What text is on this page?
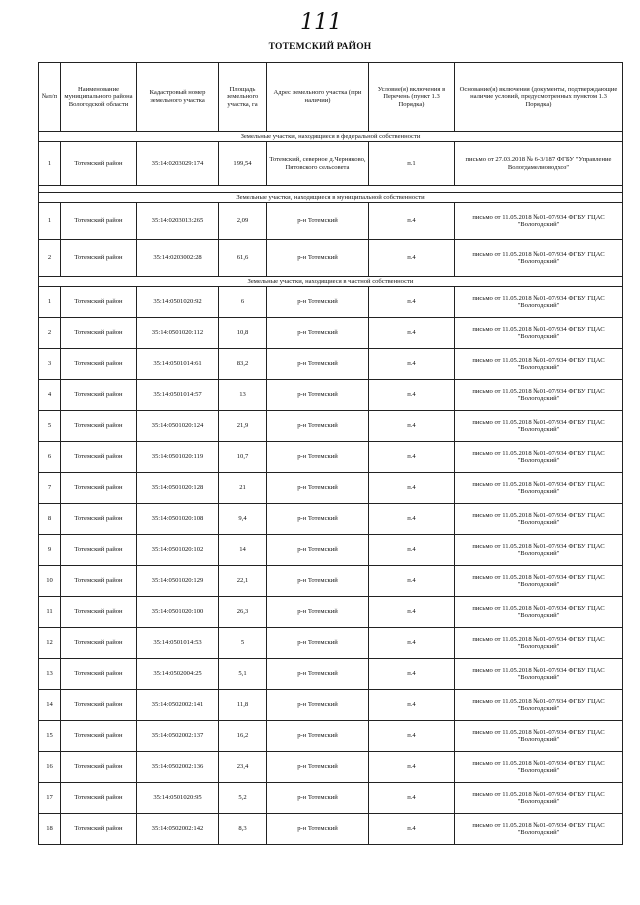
111
ТОТЕМСКИЙ РАЙОН
№п/п	Наименование муниципального района Вологодской области	Кадастровый номер земельного участка	Площадь земельного участка, га	Адрес земельного участка (при наличии)	Условие(я) включения в Перечень (пункт 1.3 Порядка)	Основание(я) включения (документы, подтверждающие наличие условий, предусмотренных пунктом 1.3 Порядка)
Земельные участки, находящиеся в федеральной собственности						
1	Тотемский район	35:14:0203029:174	199,54	Тотемский, северное д.Черняково, Пятовского сельсовета	п.1	письмо от 27.03.2018 № 6-3/187 ФГБУ "Управление Вологдамелиоводхоз"

Земельные участки, находящиеся в муниципальной собственности						
1	Тотемский район	35:14:0203013:265	2,09	р-н Тотемский	п.4	письмо от 11.05.2018 №01-07/934 ФГБУ ГЦАС "Вологодский"
2	Тотемский район	35:14:0203002:28	61,6	р-н Тотемский	п.4	письмо от 11.05.2018 №01-07/934 ФГБУ ГЦАС "Вологодский"
Земельные участки, находящиеся в частной собственности						
1	Тотемский район	35:14:0501020:92	6	р-н Тотемский	п.4	письмо от 11.05.2018 №01-07/934 ФГБУ ГЦАС "Вологодский"
2	Тотемский район	35:14:0501020:112	10,8	р-н Тотемский	п.4	письмо от 11.05.2018 №01-07/934 ФГБУ ГЦАС "Вологодский"
3	Тотемский район	35:14:0501014:61	83,2	р-н Тотемский	п.4	письмо от 11.05.2018 №01-07/934 ФГБУ ГЦАС "Вологодский"
4	Тотемский район	35:14:0501014:57	13	р-н Тотемский	п.4	письмо от 11.05.2018 №01-07/934 ФГБУ ГЦАС "Вологодский"
5	Тотемский район	35:14:0501020:124	21,9	р-н Тотемский	п.4	письмо от 11.05.2018 №01-07/934 ФГБУ ГЦАС "Вологодский"
6	Тотемский район	35:14:0501020:119	10,7	р-н Тотемский	п.4	письмо от 11.05.2018 №01-07/934 ФГБУ ГЦАС "Вологодский"
7	Тотемский район	35:14:0501020:128	21	р-н Тотемский	п.4	письмо от 11.05.2018 №01-07/934 ФГБУ ГЦАС "Вологодский"
8	Тотемский район	35:14:0501020:108	9,4	р-н Тотемский	п.4	письмо от 11.05.2018 №01-07/934 ФГБУ ГЦАС "Вологодский"
9	Тотемский район	35:14:0501020:102	14	р-н Тотемский	п.4	письмо от 11.05.2018 №01-07/934 ФГБУ ГЦАС "Вологодский"
10	Тотемский район	35:14:0501020:129	22,1	р-н Тотемский	п.4	письмо от 11.05.2018 №01-07/934 ФГБУ ГЦАС "Вологодский"
11	Тотемский район	35:14:0501020:100	26,3	р-н Тотемский	п.4	письмо от 11.05.2018 №01-07/934 ФГБУ ГЦАС "Вологодский"
12	Тотемский район	35:14:0501014:53	5	р-н Тотемский	п.4	письмо от 11.05.2018 №01-07/934 ФГБУ ГЦАС "Вологодский"
13	Тотемский район	35:14:0502004:25	5,1	р-н Тотемский	п.4	письмо от 11.05.2018 №01-07/934 ФГБУ ГЦАС "Вологодский"
14	Тотемский район	35:14:0502002:141	11,8	р-н Тотемский	п.4	письмо от 11.05.2018 №01-07/934 ФГБУ ГЦАС "Вологодский"
15	Тотемский район	35:14:0502002:137	16,2	р-н Тотемский	п.4	письмо от 11.05.2018 №01-07/934 ФГБУ ГЦАС "Вологодский"
16	Тотемский район	35:14:0502002:136	23,4	р-н Тотемский	п.4	письмо от 11.05.2018 №01-07/934 ФГБУ ГЦАС "Вологодский"
17	Тотемский район	35:14:0501020:95	5,2	р-н Тотемский	п.4	письмо от 11.05.2018 №01-07/934 ФГБУ ГЦАС "Вологодский"
18	Тотемский район	35:14:0502002:142	8,3	р-н Тотемский	п.4	письмо от 11.05.2018 №01-07/934 ФГБУ ГЦАС "Вологодский"
